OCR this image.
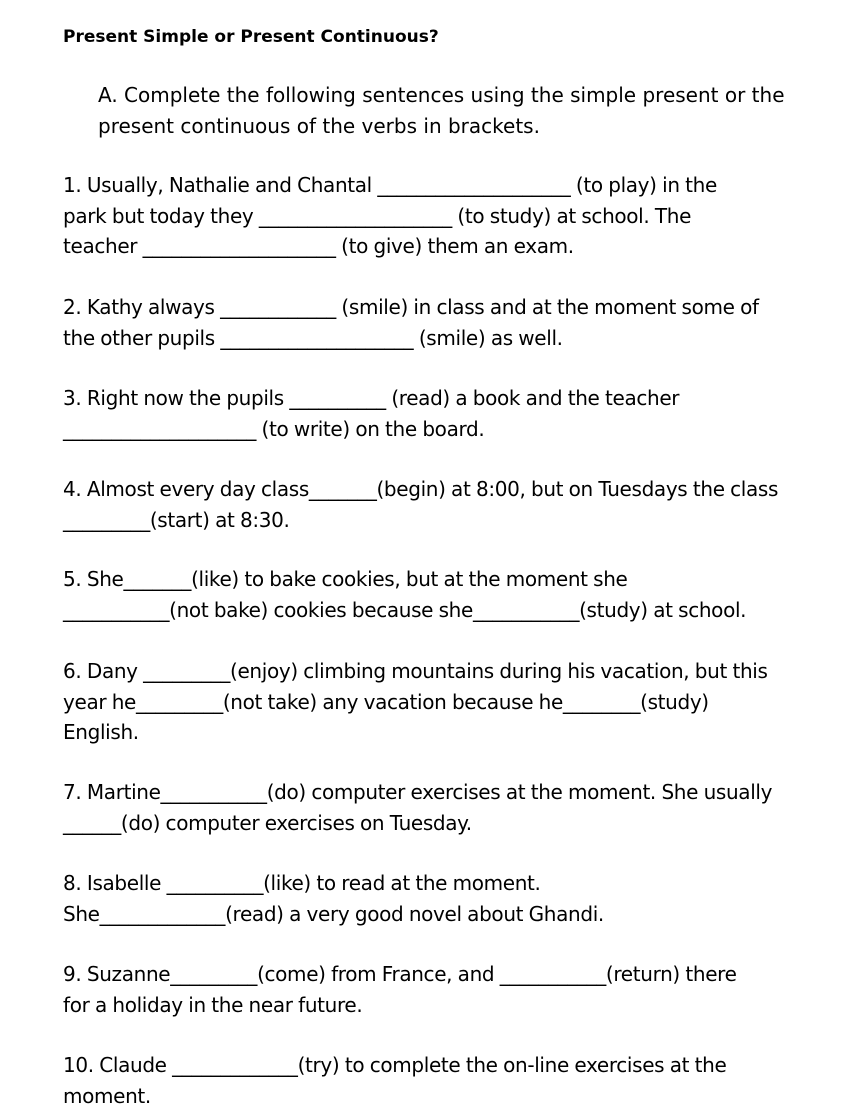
Present Simple or Present Continuous?
A. Complete the following sentences using the simple present or the
present continuous of the verbs in brackets.
1. Usually, Nathalie and Chantal ____________________ (to play) in the
park but today they ____________________ (to study) at school. The
teacher ____________________ (to give) them an exam.
2. Kathy always ____________ (smile) in class and at the moment some of
the other pupils ____________________ (smile) as well.
3. Right now the pupils __________ (read) a book and the teacher
____________________ (to write) on the board.
4. Almost every day class_______(begin) at 8:00, but on Tuesdays the class
_________(start) at 8:30.
5. She_______(like) to bake cookies, but at the moment she
___________(not bake) cookies because she___________(study) at school.
6. Dany _________(enjoy) climbing mountains during his vacation, but this
year he_________(not take) any vacation because he________(study)
English.
7. Martine___________(do) computer exercises at the moment. She usually
______(do) computer exercises on Tuesday.
8. Isabelle __________(like) to read at the moment.
She_____________(read) a very good novel about Ghandi.
9. Suzanne_________(come) from France, and ___________(return) there
for a holiday in the near future.
10. Claude _____________(try) to complete the on-line exercises at the
moment.
